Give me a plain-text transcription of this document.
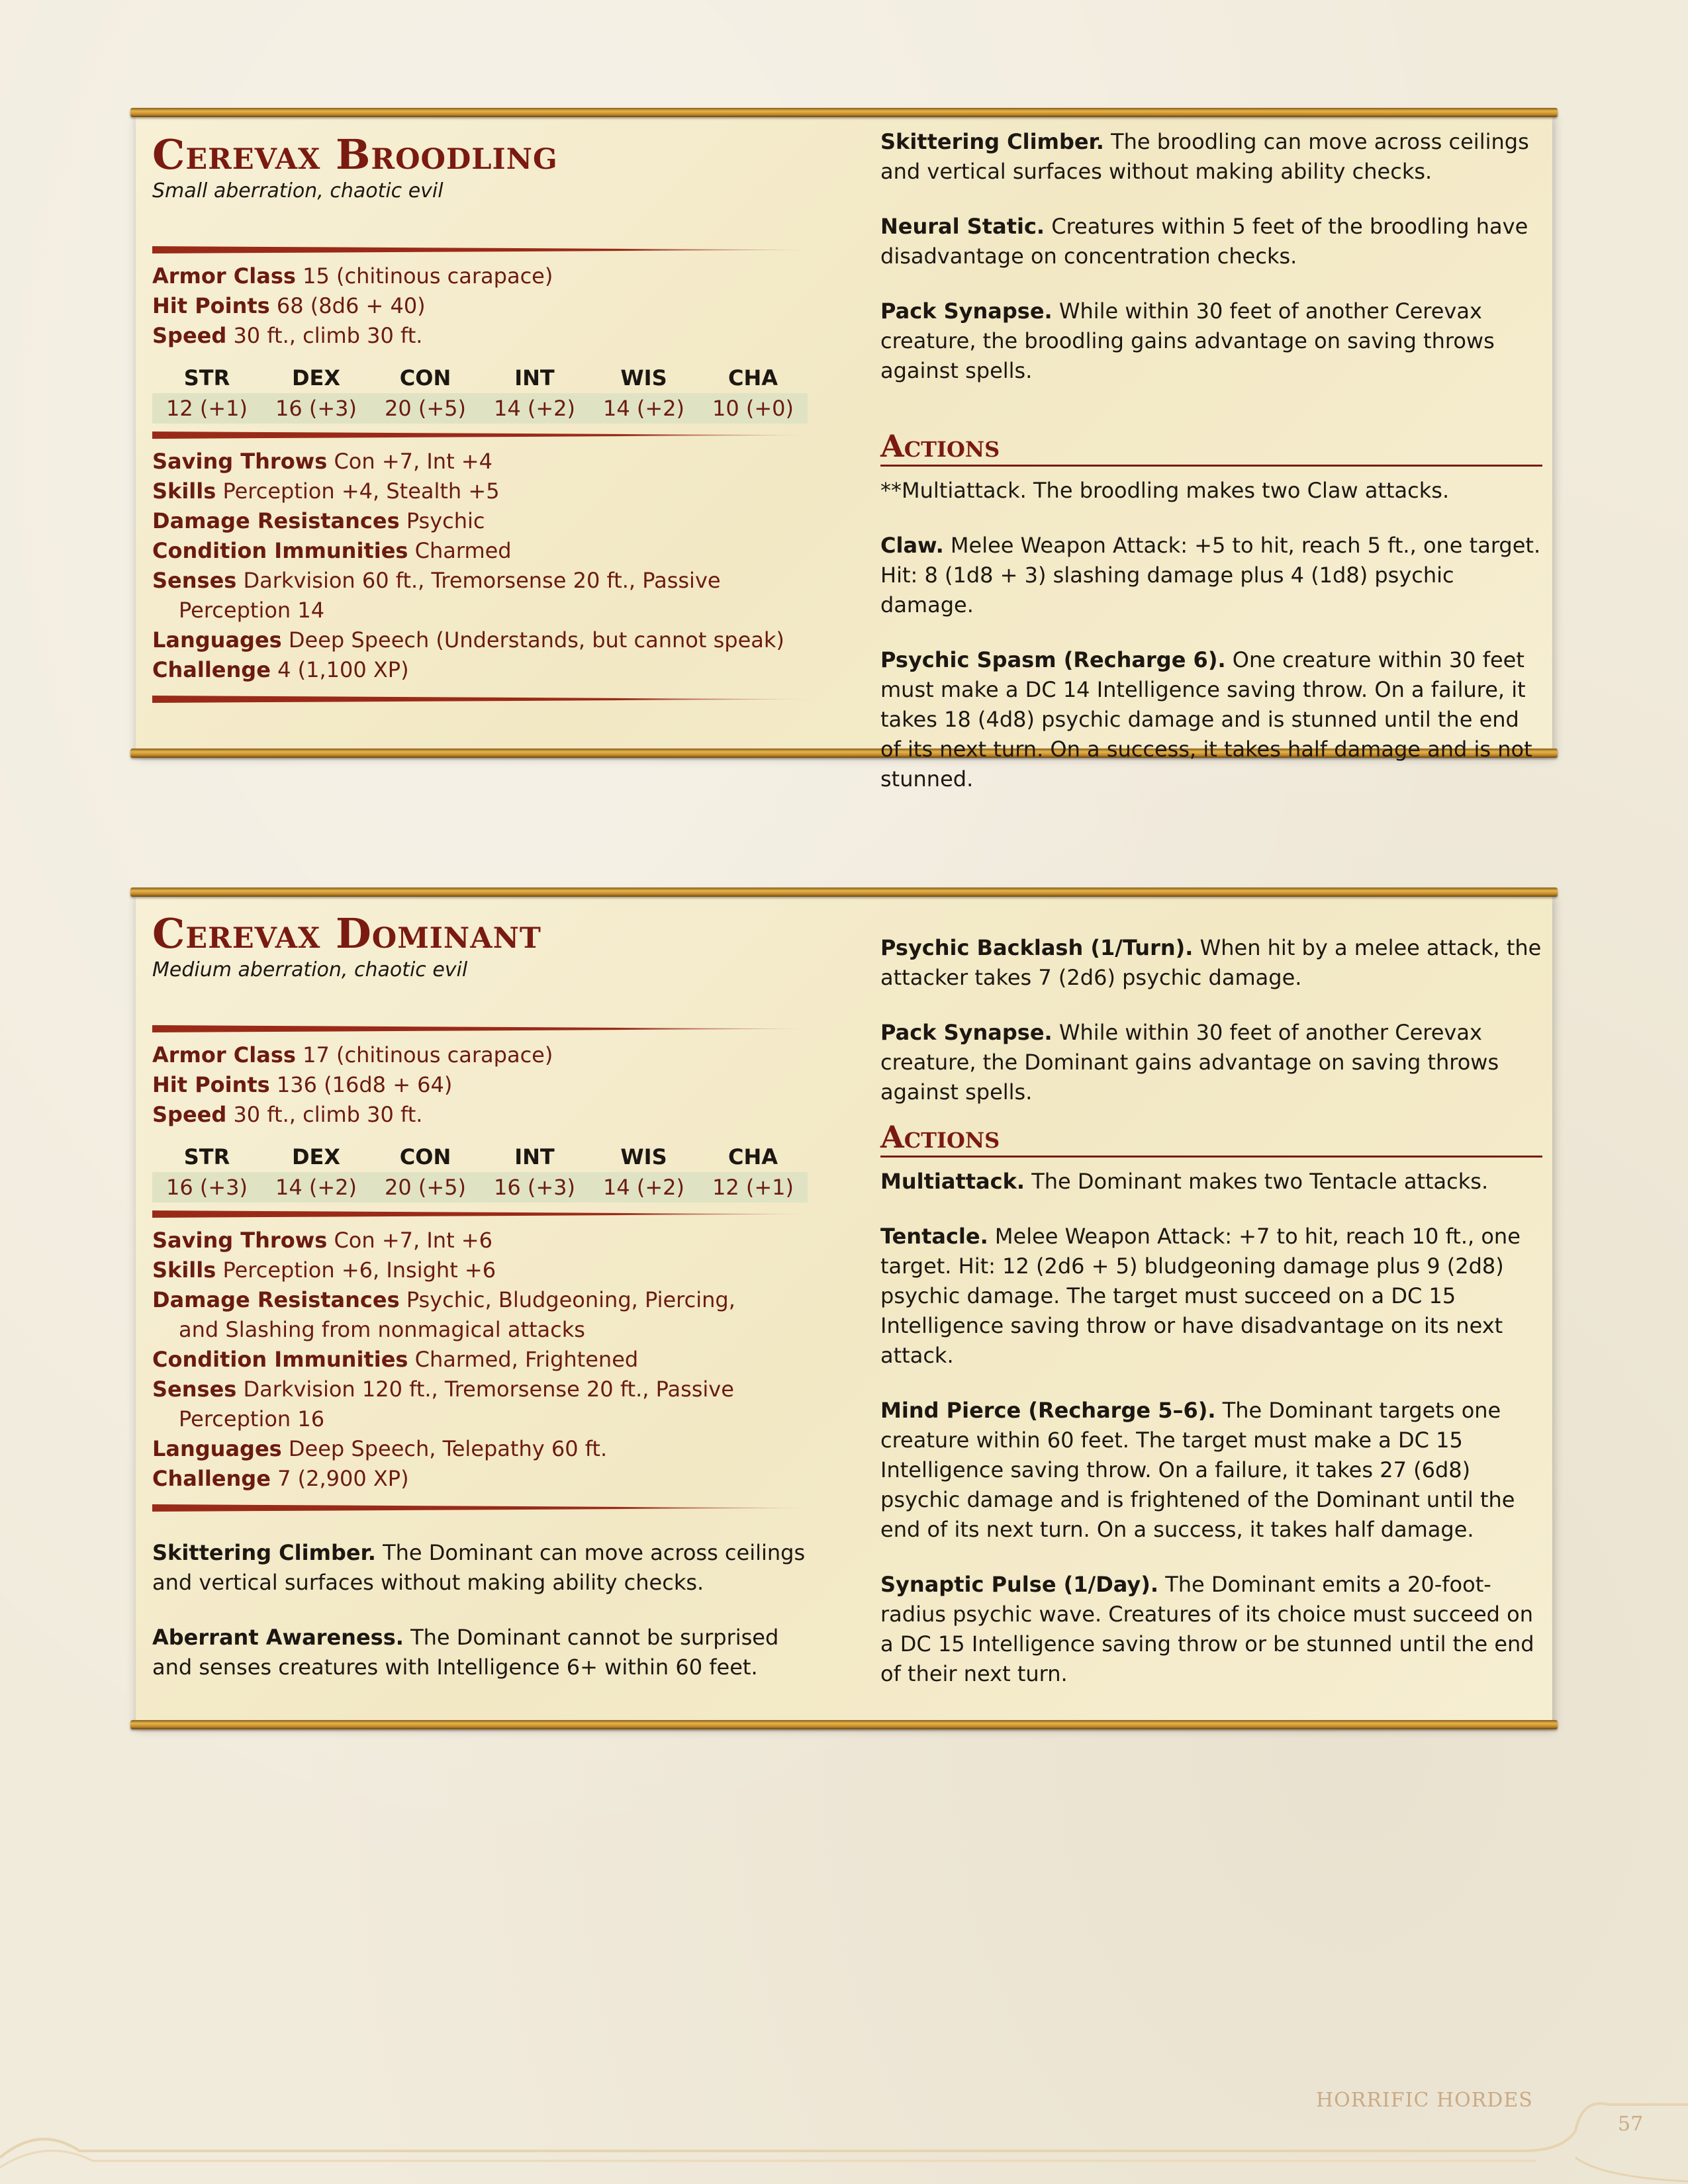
Cerevax Broodling
Small aberration, chaotic evil
Armor Class 15 (chitinous carapace)
Hit Points 68 (8d6 + 40)
Speed 30 ft., climb 30 ft.
STR	DEX	CON	INT	WIS	CHA
12 (+1)	16 (+3)	20 (+5)	14 (+2)	14 (+2)	10 (+0)
Saving Throws Con +7, Int +4
Skills Perception +4, Stealth +5
Damage Resistances Psychic
Condition Immunities Charmed
Senses Darkvision 60 ft., Tremorsense 20 ft., Passive Perception 14
Languages Deep Speech (Understands, but cannot speak)
Challenge 4 (1,100 XP)

Skittering Climber. The broodling can move across ceilings and vertical surfaces without making ability checks.

Neural Static. Creatures within 5 feet of the broodling have disadvantage on concentration checks.

Pack Synapse. While within 30 feet of another Cerevax creature, the broodling gains advantage on saving throws against spells.

Actions

**Multiattack. The broodling makes two Claw attacks.

Claw. Melee Weapon Attack: +5 to hit, reach 5 ft., one target. Hit: 8 (1d8 + 3) slashing damage plus 4 (1d8) psychic damage.

Psychic Spasm (Recharge 6). One creature within 30 feet must make a DC 14 Intelligence saving throw. On a failure, it takes 18 (4d8) psychic damage and is stunned until the end of its next turn. On a success, it takes half damage and is not stunned.

Cerevax Dominant
Medium aberration, chaotic evil
Armor Class 17 (chitinous carapace)
Hit Points 136 (16d8 + 64)
Speed 30 ft., climb 30 ft.
STR	DEX	CON	INT	WIS	CHA
16 (+3)	14 (+2)	20 (+5)	16 (+3)	14 (+2)	12 (+1)
Saving Throws Con +7, Int +6
Skills Perception +6, Insight +6
Damage Resistances Psychic, Bludgeoning, Piercing, and Slashing from nonmagical attacks
Condition Immunities Charmed, Frightened
Senses Darkvision 120 ft., Tremorsense 20 ft., Passive Perception 16
Languages Deep Speech, Telepathy 60 ft.
Challenge 7 (2,900 XP)

Skittering Climber. The Dominant can move across ceilings and vertical surfaces without making ability checks.

Aberrant Awareness. The Dominant cannot be surprised and senses creatures with Intelligence 6+ within 60 feet.

Psychic Backlash (1/Turn). When hit by a melee attack, the attacker takes 7 (2d6) psychic damage.

Pack Synapse. While within 30 feet of another Cerevax creature, the Dominant gains advantage on saving throws against spells.

Actions

Multiattack. The Dominant makes two Tentacle attacks.

Tentacle. Melee Weapon Attack: +7 to hit, reach 10 ft., one target. Hit: 12 (2d6 + 5) bludgeoning damage plus 9 (2d8) psychic damage. The target must succeed on a DC 15 Intelligence saving throw or have disadvantage on its next attack.

Mind Pierce (Recharge 5–6). The Dominant targets one creature within 60 feet. The target must make a DC 15 Intelligence saving throw. On a failure, it takes 27 (6d8) psychic damage and is frightened of the Dominant until the end of its next turn. On a success, it takes half damage.

Synaptic Pulse (1/Day). The Dominant emits a 20-foot-radius psychic wave. Creatures of its choice must succeed on a DC 15 Intelligence saving throw or be stunned until the end of their next turn.

HORRIFIC HORDES
57
